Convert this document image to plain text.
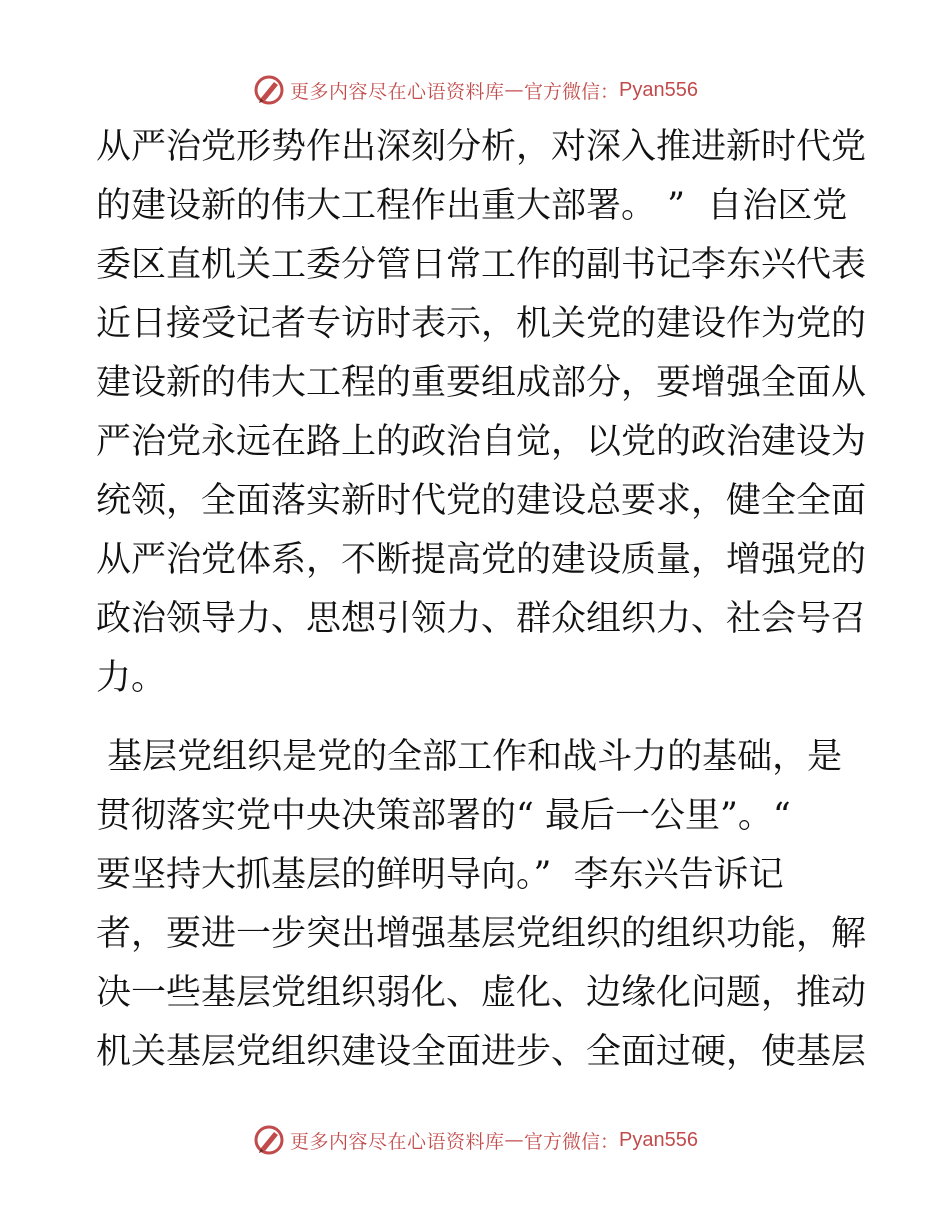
更多内容尽在心语资料库 — 官方微信： Pyan556
从严治党形势作出深刻分析，对深入推进新时代党
的建设新的伟大工程作出重大部署。 ”  自治区党
委区直机关工委分管日常工作的副书记李东兴代表
近日接受记者专访时表示，机关党的建设作为党的
建设新的伟大工程的重要组成部分，要增强全面从
严治党永远在路上的政治自觉，以党的政治建设为
统领，全面落实新时代党的建设总要求，健全全面
从严治党体系，不断提高党的建设质量，增强党的
政治领导力、思想引领力、群众组织力、社会号召
力。
基层党组织是党的全部工作和战斗力的基础，是
贯彻落实党中央决策部署的“ 最后一公里”。“
要坚持大抓基层的鲜明导向。”  李东兴告诉记
者，要进一步突出增强基层党组织的组织功能，解
决一些基层党组织弱化、虚化、边缘化问题，推动
机关基层党组织建设全面进步、全面过硬，使基层
更多内容尽在心语资料库 — 官方微信： Pyan556
